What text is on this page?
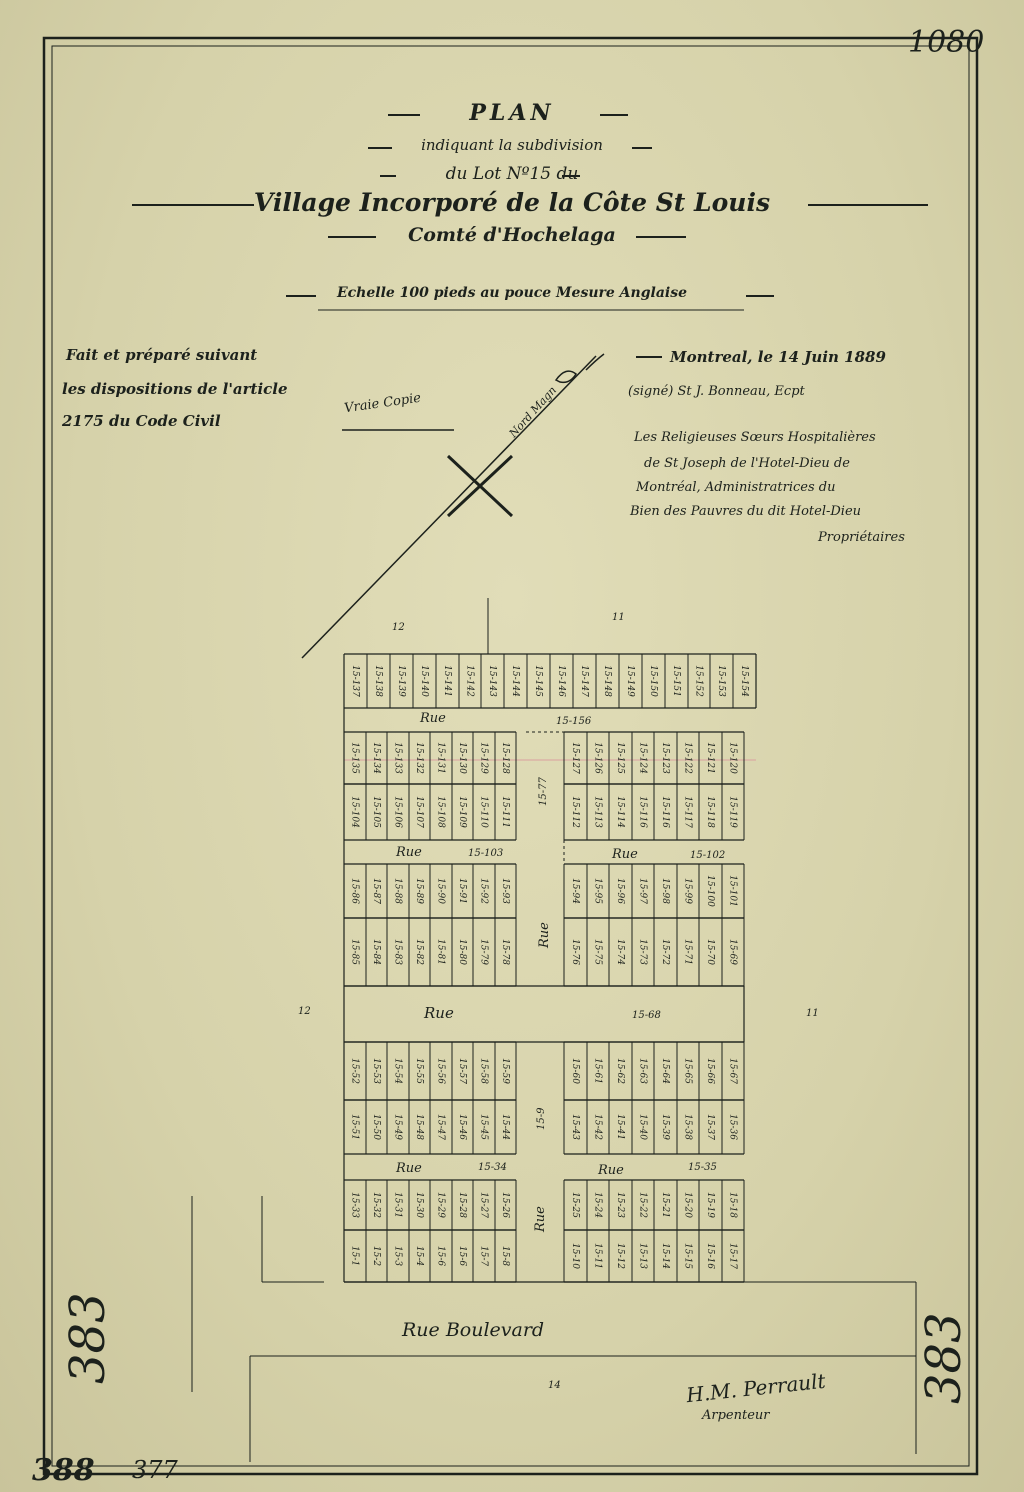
15-137 15-138 15-139 15-140 15-141 15-142 15-143 15-144 15-145 15-146 15-147 15-148 15-149 15-150 15-151 15-152 15-153 15-154
15-135 15-134 15-133 15-132 15-131 15-130 15-129 15-128
15-104 15-105 15-106 15-107 15-108 15-109 15-110 15-111
15-127 15-126 15-125 15-124 15-123 15-122 15-121 15-120
15-112 15-113 15-114 15-116 15-116 15-117 15-118 15-119
15-86 15-87 15-88 15-89 15-90 15-91 15-92 15-93
15-85 15-84 15-83 15-82 15-81 15-80 15-79 15-78
15-94 15-95 15-96 15-97 15-98 15-99 15-100 15-101
15-76 15-75 15-74 15-73 15-72 15-71 15-70 15-69
15-52 15-53 15-54 15-55 15-56 15-57 15-58 15-59
15-51 15-50 15-49 15-48 15-47 15-46 15-45 15-44
15-60 15-61 15-62 15-63 15-64 15-65 15-66 15-67
15-43 15-42 15-41 15-40 15-39 15-38 15-37 15-36
15-33 15-32 15-31 15-30 15-29 15-28 15-27 15-26
15-1 15-2 15-3 15-4 15-6 15-6 15-7 15-8
15-25 15-24 15-23 15-22 15-21 15-20 15-19 15-18
15-10 15-11 15-12 15-13 15-14 15-15 15-16 15-17
Rue	15-156
Rue	15-103	Rue	15-102
Rue	15-68
Rue	15-34	Rue	15-35
Rue
15-77
Rue
15-9
Rue Boulevard
12
11
12	11
14
Nord Magn
383	383
388 377
1080
PLAN
indiquant la subdivision
du Lot Nº15 du
Village Incorporé de la Côte St Louis
Comté d'Hochelaga
Echelle 100 pieds au pouce Mesure Anglaise
Fait et préparé suivant
les dispositions de l'article
2175 du Code Civil
Vraie Copie
Montreal, le 14 Juin 1889
(signé) St J. Bonneau, Ecpt
Les Religieuses Sœurs Hospitalières
de St Joseph de l'Hotel-Dieu de
Montréal, Administratrices du
Bien des Pauvres du dit Hotel-Dieu
Propriétaires
H.M. Perrault
Arpenteur
